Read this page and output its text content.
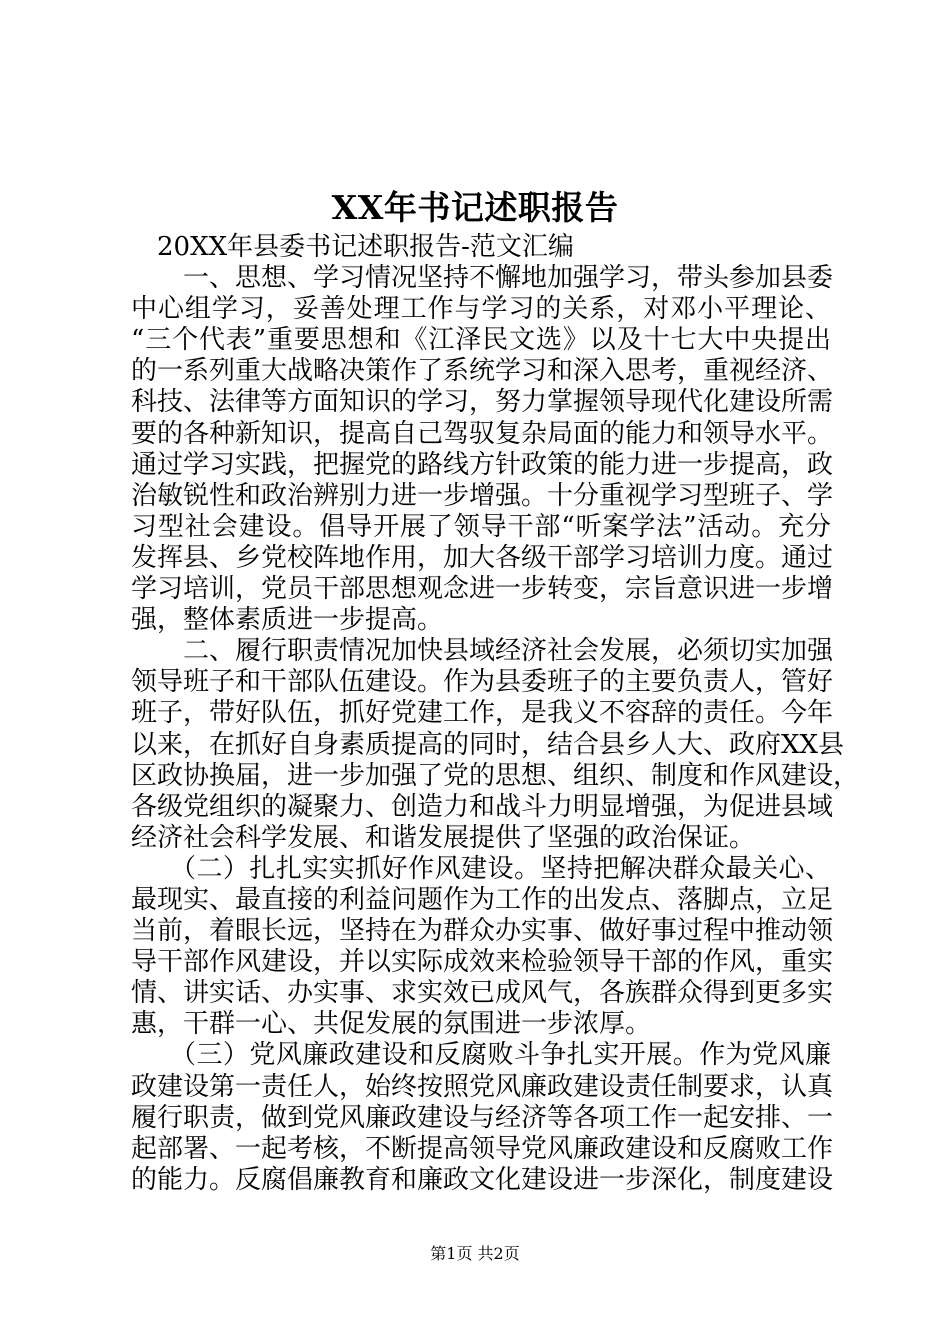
XX年书记述职报告
20XX年县委书记述职报告-范文汇编
一、思想、学习情况坚持不懈地加强学习，带头参加县委
中心组学习，妥善处理工作与学习的关系，对邓小平理论、
“三个代表”重要思想和《江泽民文选》以及十七大中央提出
的一系列重大战略决策作了系统学习和深入思考，重视经济、
科技、法律等方面知识的学习，努力掌握领导现代化建设所需
要的各种新知识，提高自己驾驭复杂局面的能力和领导水平。
通过学习实践，把握党的路线方针政策的能力进一步提高，政
治敏锐性和政治辨别力进一步增强。十分重视学习型班子、学
习型社会建设。倡导开展了领导干部“听案学法”活动。充分
发挥县、乡党校阵地作用，加大各级干部学习培训力度。通过
学习培训，党员干部思想观念进一步转变，宗旨意识进一步增
强，整体素质进一步提高。
二、履行职责情况加快县域经济社会发展，必须切实加强
领导班子和干部队伍建设。作为县委班子的主要负责人，管好
班子，带好队伍，抓好党建工作，是我义不容辞的责任。今年
以来，在抓好自身素质提高的同时，结合县乡人大、政府XX县
区政协换届，进一步加强了党的思想、组织、制度和作风建设，
各级党组织的凝聚力、创造力和战斗力明显增强，为促进县域
经济社会科学发展、和谐发展提供了坚强的政治保证。
（二）扎扎实实抓好作风建设。坚持把解决群众最关心、
最现实、最直接的利益问题作为工作的出发点、落脚点，立足
当前，着眼长远，坚持在为群众办实事、做好事过程中推动领
导干部作风建设，并以实际成效来检验领导干部的作风，重实
情、讲实话、办实事、求实效已成风气，各族群众得到更多实
惠，干群一心、共促发展的氛围进一步浓厚。
（三）党风廉政建设和反腐败斗争扎实开展。作为党风廉
政建设第一责任人，始终按照党风廉政建设责任制要求，认真
履行职责，做到党风廉政建设与经济等各项工作一起安排、一
起部署、一起考核，不断提高领导党风廉政建设和反腐败工作
的能力。反腐倡廉教育和廉政文化建设进一步深化，制度建设
第1页 共2页
